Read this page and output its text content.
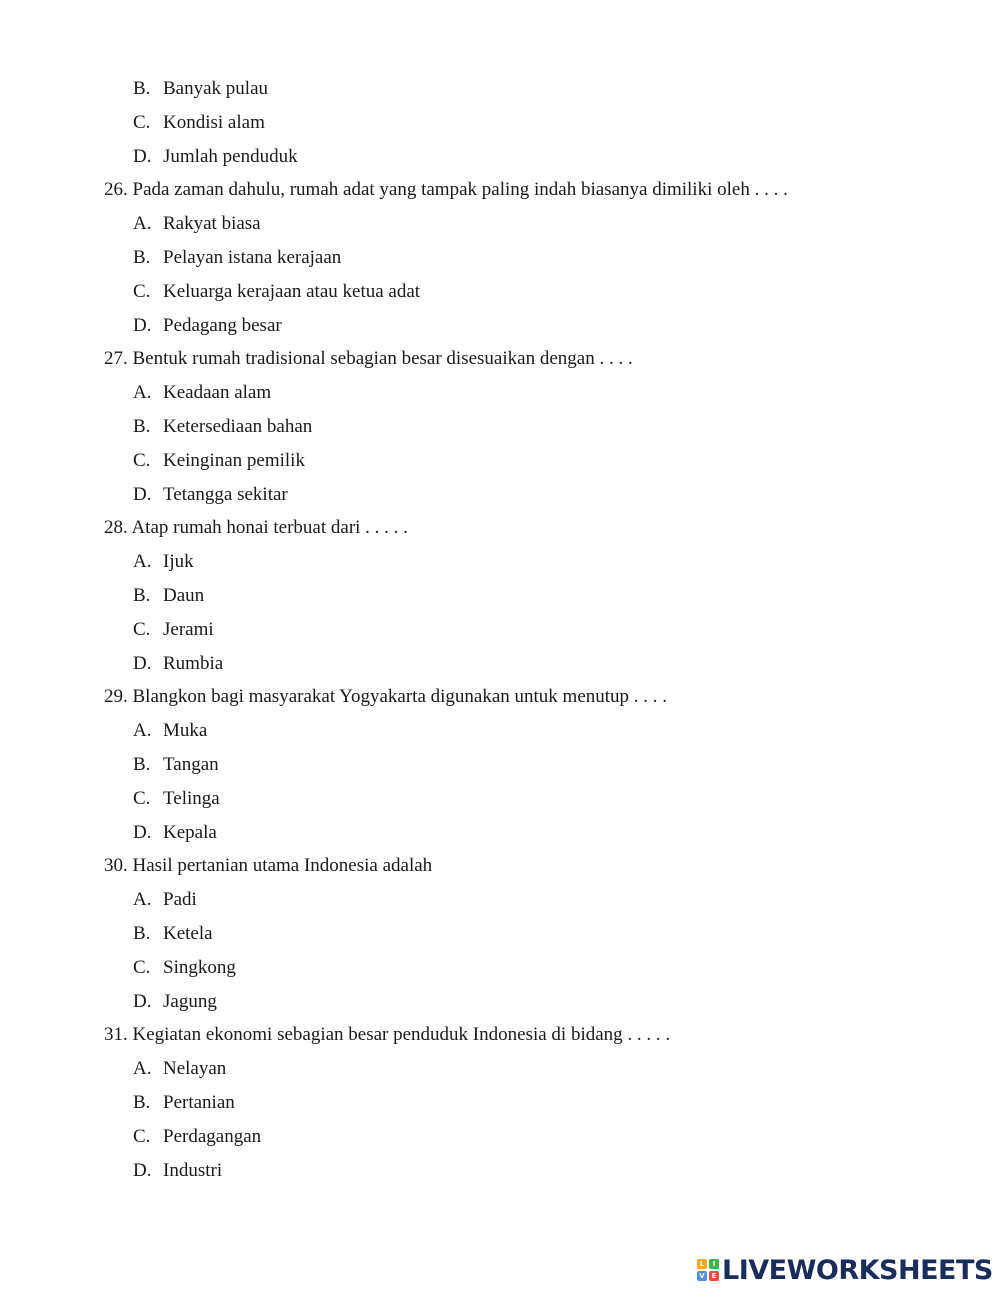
B. Banyak pulau
C. Kondisi alam
D. Jumlah penduduk
26. Pada zaman dahulu, rumah adat yang tampak paling indah biasanya dimiliki oleh . . . .
A. Rakyat biasa
B. Pelayan istana kerajaan
C. Keluarga kerajaan atau ketua adat
D. Pedagang besar
27. Bentuk rumah tradisional sebagian besar disesuaikan dengan . . . .
A. Keadaan alam
B. Ketersediaan bahan
C. Keinginan pemilik
D. Tetangga sekitar
28. Atap rumah honai terbuat dari . . . . .
A. Ijuk
B. Daun
C. Jerami
D. Rumbia
29. Blangkon bagi masyarakat Yogyakarta digunakan untuk menutup . . . .
A. Muka
B. Tangan
C. Telinga
D. Kepala
30. Hasil pertanian utama Indonesia adalah
A. Padi
B. Ketela
C. Singkong
D. Jagung
31. Kegiatan ekonomi sebagian besar penduduk Indonesia di bidang . . . . .
A. Nelayan
B. Pertanian
C. Perdagangan
D. Industri
L	I
V E LIVEWORKSHEETS
